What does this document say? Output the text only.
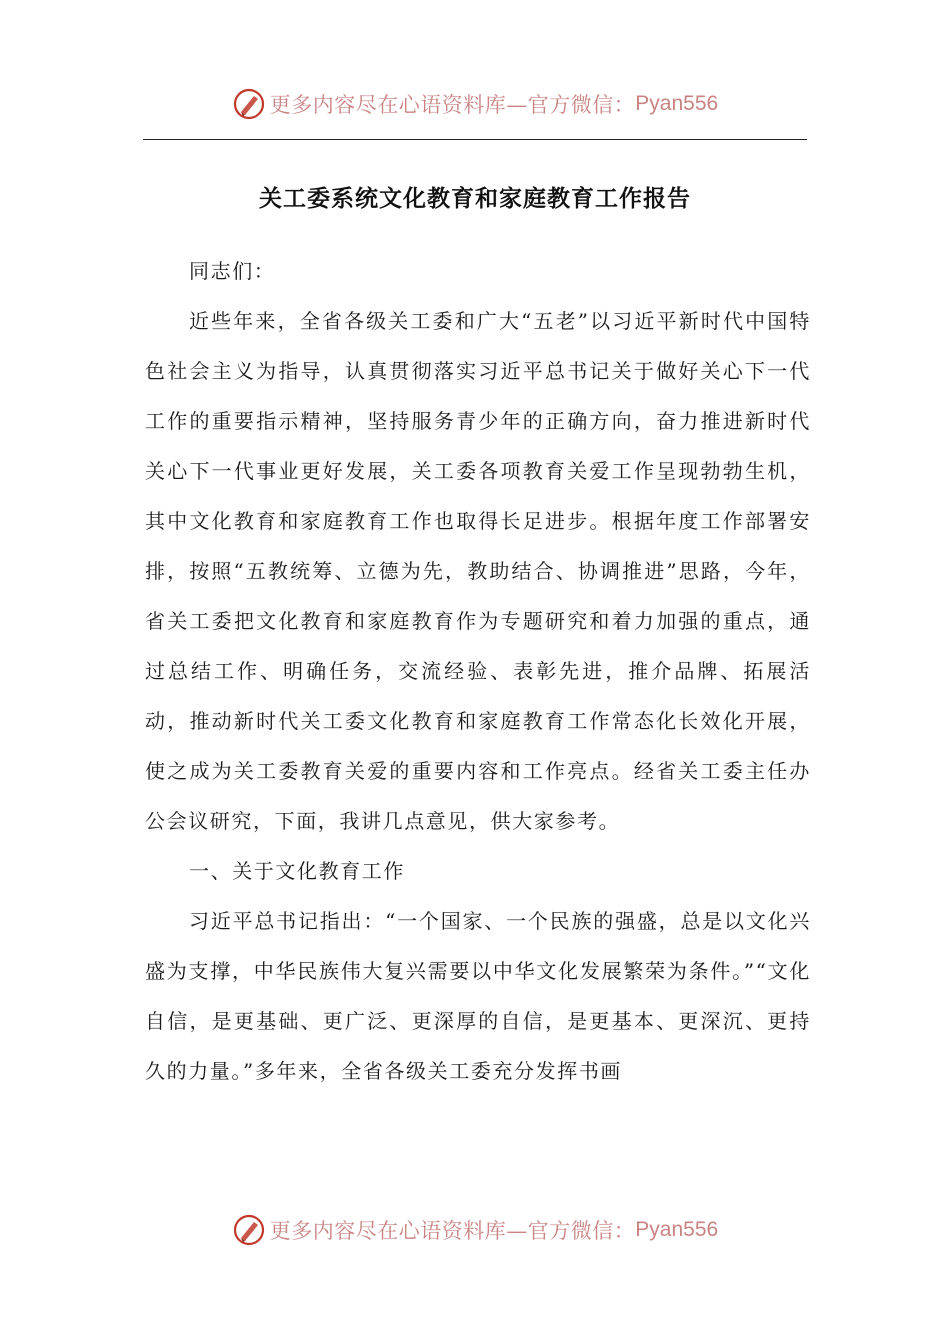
更多内容尽在心语资料库—官方微信： Pyan556
关工委系统文化教育和家庭教育工作报告

同志们：

近些年来，全省各级关工委和广大“五老”以习近平新时代中国特色社会主义为指导，认真贯彻落实习近平总书记关于做好关心下一代工作的重要指示精神，坚持服务青少年的正确方向，奋力推进新时代关心下一代事业更好发展，关工委各项教育关爱工作呈现勃勃生机，其中文化教育和家庭教育工作也取得长足进步。根据年度工作部署安排，按照“五教统筹、立德为先，教助结合、协调推进”思路，今年，省关工委把文化教育和家庭教育作为专题研究和着力加强的重点，通过总结工作、明确任务，交流经验、表彰先进，推介品牌、拓展活动，推动新时代关工委文化教育和家庭教育工作常态化长效化开展，使之成为关工委教育关爱的重要内容和工作亮点。经省关工委主任办公会议研究，下面，我讲几点意见，供大家参考。

一、关于文化教育工作

习近平总书记指出：“一个国家、一个民族的强盛，总是以文化兴盛为支撑，中华民族伟大复兴需要以中华文化发展繁荣为条件。”“文化自信，是更基础、更广泛、更深厚的自信，是更基本、更深沉、更持久的力量。”多年来，全省各级关工委充分发挥书画

更多内容尽在心语资料库—官方微信： Pyan556
